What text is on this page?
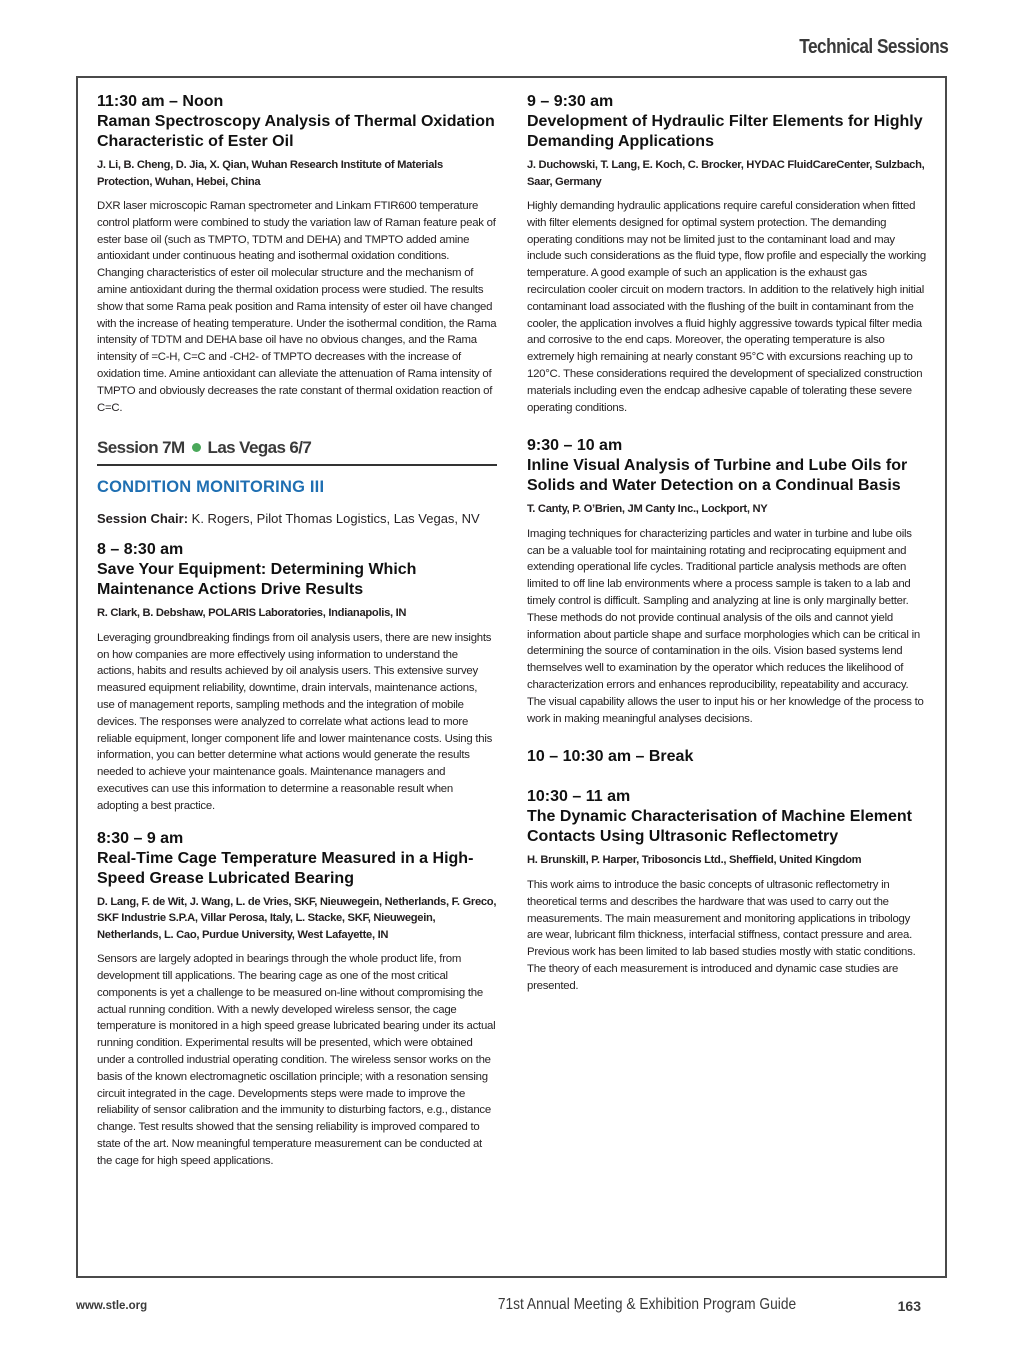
Technical Sessions
11:30 am – Noon
Raman Spectroscopy Analysis of Thermal Oxidation Characteristic of Ester Oil
J. Li, B. Cheng, D. Jia, X. Qian, Wuhan Research Institute of Materials Protection, Wuhan, Hebei, China
DXR laser microscopic Raman spectrometer and Linkam FTIR600 temperature control platform were combined to study the variation law of Raman feature peak of ester base oil (such as TMPTO, TDTM and DEHA) and TMPTO added amine antioxidant under continuous heating and isothermal oxidation conditions. Changing characteristics of ester oil molecular structure and the mechanism of amine antioxidant during the thermal oxidation process were studied. The results show that some Rama peak position and Rama intensity of ester oil have changed with the increase of heating temperature. Under the isothermal condition, the Rama intensity of TDTM and DEHA base oil have no obvious changes, and the Rama intensity of =C-H, C=C and -CH2- of TMPTO decreases with the increase of oxidation time. Amine antioxidant can alleviate the attenuation of Rama intensity of TMPTO and obviously decreases the rate constant of thermal oxidation reaction of C=C.
Session 7M Las Vegas 6/7
CONDITION MONITORING III
Session Chair: K. Rogers, Pilot Thomas Logistics, Las Vegas, NV
8 – 8:30 am
Save Your Equipment: Determining Which Maintenance Actions Drive Results
R. Clark, B. Debshaw, POLARIS Laboratories, Indianapolis, IN
Leveraging groundbreaking findings from oil analysis users, there are new insights on how companies are more effectively using information to understand the actions, habits and results achieved by oil analysis users. This extensive survey measured equipment reliability, downtime, drain intervals, maintenance actions, use of management reports, sampling methods and the integration of mobile devices. The responses were analyzed to correlate what actions lead to more reliable equipment, longer component life and lower maintenance costs. Using this information, you can better determine what actions would generate the results needed to achieve your maintenance goals. Maintenance managers and executives can use this information to determine a reasonable result when adopting a best practice.
8:30 – 9 am
Real-Time Cage Temperature Measured in a High-Speed Grease Lubricated Bearing
D. Lang, F. de Wit, J. Wang, L. de Vries, SKF, Nieuwegein, Netherlands, F. Greco, SKF Industrie S.P.A, Villar Perosa, Italy, L. Stacke, SKF, Nieuwegein, Netherlands, L. Cao, Purdue University, West Lafayette, IN
Sensors are largely adopted in bearings through the whole product life, from development till applications. The bearing cage as one of the most critical components is yet a challenge to be measured on-line without compromising the actual running condition. With a newly developed wireless sensor, the cage temperature is monitored in a high speed grease lubricated bearing under its actual running condition. Experimental results will be presented, which were obtained under a controlled industrial operating condition. The wireless sensor works on the basis of the known electromagnetic oscillation principle; with a resonation sensing circuit integrated in the cage. Developments steps were made to improve the reliability of sensor calibration and the immunity to disturbing factors, e.g., distance change. Test results showed that the sensing reliability is improved compared to state of the art. Now meaningful temperature measurement can be conducted at the cage for high speed applications.
9 – 9:30 am
Development of Hydraulic Filter Elements for Highly Demanding Applications
J. Duchowski, T. Lang, E. Koch, C. Brocker, HYDAC FluidCareCenter, Sulzbach, Saar, Germany
Highly demanding hydraulic applications require careful consideration when fitted with filter elements designed for optimal system protection. The demanding operating conditions may not be limited just to the contaminant load and may include such considerations as the fluid type, flow profile and especially the working temperature. A good example of such an application is the exhaust gas recirculation cooler circuit on modern tractors. In addition to the relatively high initial contaminant load associated with the flushing of the built in contaminant from the cooler, the application involves a fluid highly aggressive towards typical filter media and corrosive to the end caps. Moreover, the operating temperature is also extremely high remaining at nearly constant 95°C with excursions reaching up to 120°C. These considerations required the development of specialized construction materials including even the endcap adhesive capable of tolerating these severe operating conditions.
9:30 – 10 am
Inline Visual Analysis of Turbine and Lube Oils for Solids and Water Detection on a Condinual Basis
T. Canty, P. O’Brien, JM Canty Inc., Lockport, NY
Imaging techniques for characterizing particles and water in turbine and lube oils can be a valuable tool for maintaining rotating and reciprocating equipment and extending operational life cycles. Traditional particle analysis methods are often limited to off line lab environments where a process sample is taken to a lab and timely control is difficult. Sampling and analyzing at line is only marginally better. These methods do not provide continual analysis of the oils and cannot yield information about particle shape and surface morphologies which can be critical in determining the source of contamination in the oils. Vision based systems lend themselves well to examination by the operator which reduces the likelihood of characterization errors and enhances reproducibility, repeatability and accuracy. The visual capability allows the user to input his or her knowledge of the process to work in making meaningful analyses decisions.
10 – 10:30 am – Break
10:30 – 11 am
The Dynamic Characterisation of Machine Element Contacts Using Ultrasonic Reflectometry
H. Brunskill, P. Harper, Tribosoncis Ltd., Sheffield, United Kingdom
This work aims to introduce the basic concepts of ultrasonic reflectometry in theoretical terms and describes the hardware that was used to carry out the measurements. The main measurement and monitoring applications in tribology are wear, lubricant film thickness, interfacial stiffness, contact pressure and area. Previous work has been limited to lab based studies mostly with static conditions. The theory of each measurement is introduced and dynamic case studies are presented.
www.stle.org	71st Annual Meeting & Exhibition Program Guide	163
